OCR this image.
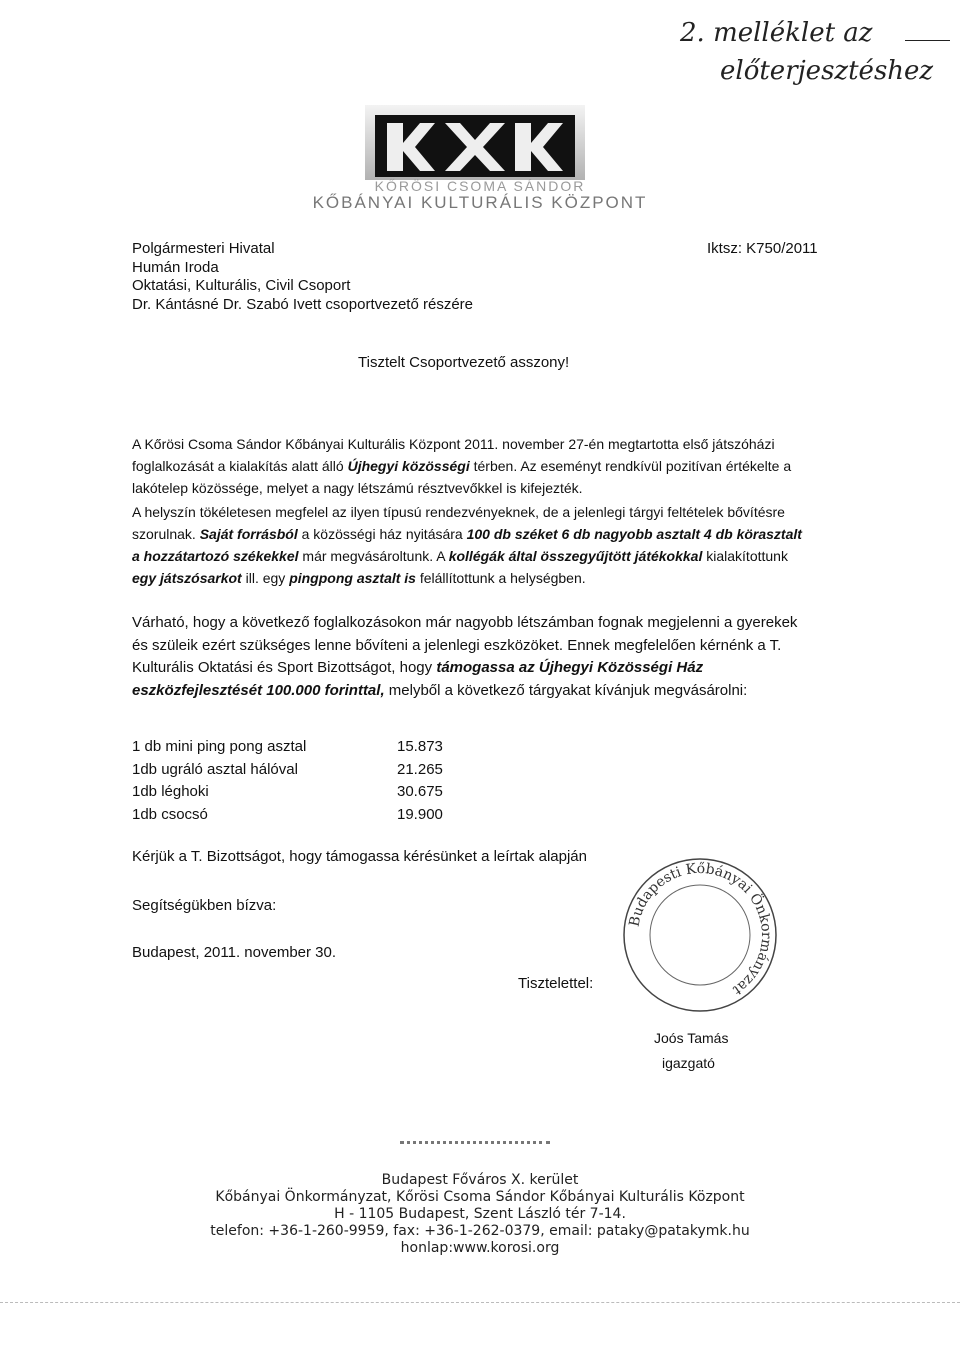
2. melléklet az
előterjesztéshez
KŐRÖSI CSOMA SÁNDOR
KŐBÁNYAI KULTURÁLIS KÖZPONT
Polgármesteri Hivatal
Humán Iroda
Oktatási, Kulturális, Civil Csoport
Dr. Kántásné Dr. Szabó Ivett csoportvezető részére
Iktsz: K750/2011
Tisztelt Csoportvezető asszony!
A Kőrösi Csoma Sándor Kőbányai Kulturális Központ 2011. november 27-én megtartotta első játszóházi foglalkozását a kialakítás alatt álló Újhegyi közösségi térben. Az eseményt rendkívül pozitívan értékelte a lakótelep közössége, melyet a nagy létszámú résztvevőkkel is kifejezték.
A helyszín tökéletesen megfelel az ilyen típusú rendezvényeknek, de a jelenlegi tárgyi feltételek bővítésre szorulnak. Saját forrásból a közösségi ház nyitására 100 db széket 6 db nagyobb asztalt 4 db körasztalt a hozzátartozó székekkel már megvásároltunk. A kollégák által összegyűjtött játékokkal kialakítottunk egy játszósarkot ill. egy pingpong asztalt is felállítottunk a helységben.
Várható, hogy a következő foglalkozásokon már nagyobb létszámban fognak megjelenni a gyerekek és szüleik ezért szükséges lenne bővíteni a jelenlegi eszközöket. Ennek megfelelően kérnénk a T. Kulturális Oktatási és Sport Bizottságot, hogy támogassa az Újhegyi Közösségi Ház eszközfejlesztését 100.000 forinttal, melyből a következő tárgyakat kívánjuk megvásárolni:
1 db mini ping pong asztal	15.873
1db ugráló asztal hálóval	21.265
1db léghoki	30.675
1db csocsó	19.900
Kérjük a T. Bizottságot, hogy támogassa kérésünket a leírtak alapján
Segítségükben bízva:
Budapest, 2011. november 30.
Tisztelettel:
Budapesti Kőbányai Önkormányzat
Joós Tamás
igazgató
Budapest Főváros X. kerület
Kőbányai Önkormányzat, Kőrösi Csoma Sándor Kőbányai Kulturális Központ
H - 1105 Budapest, Szent László tér 7-14.
telefon: +36-1-260-9959, fax: +36-1-262-0379, email: pataky@patakymk.hu
honlap:www.korosi.org
